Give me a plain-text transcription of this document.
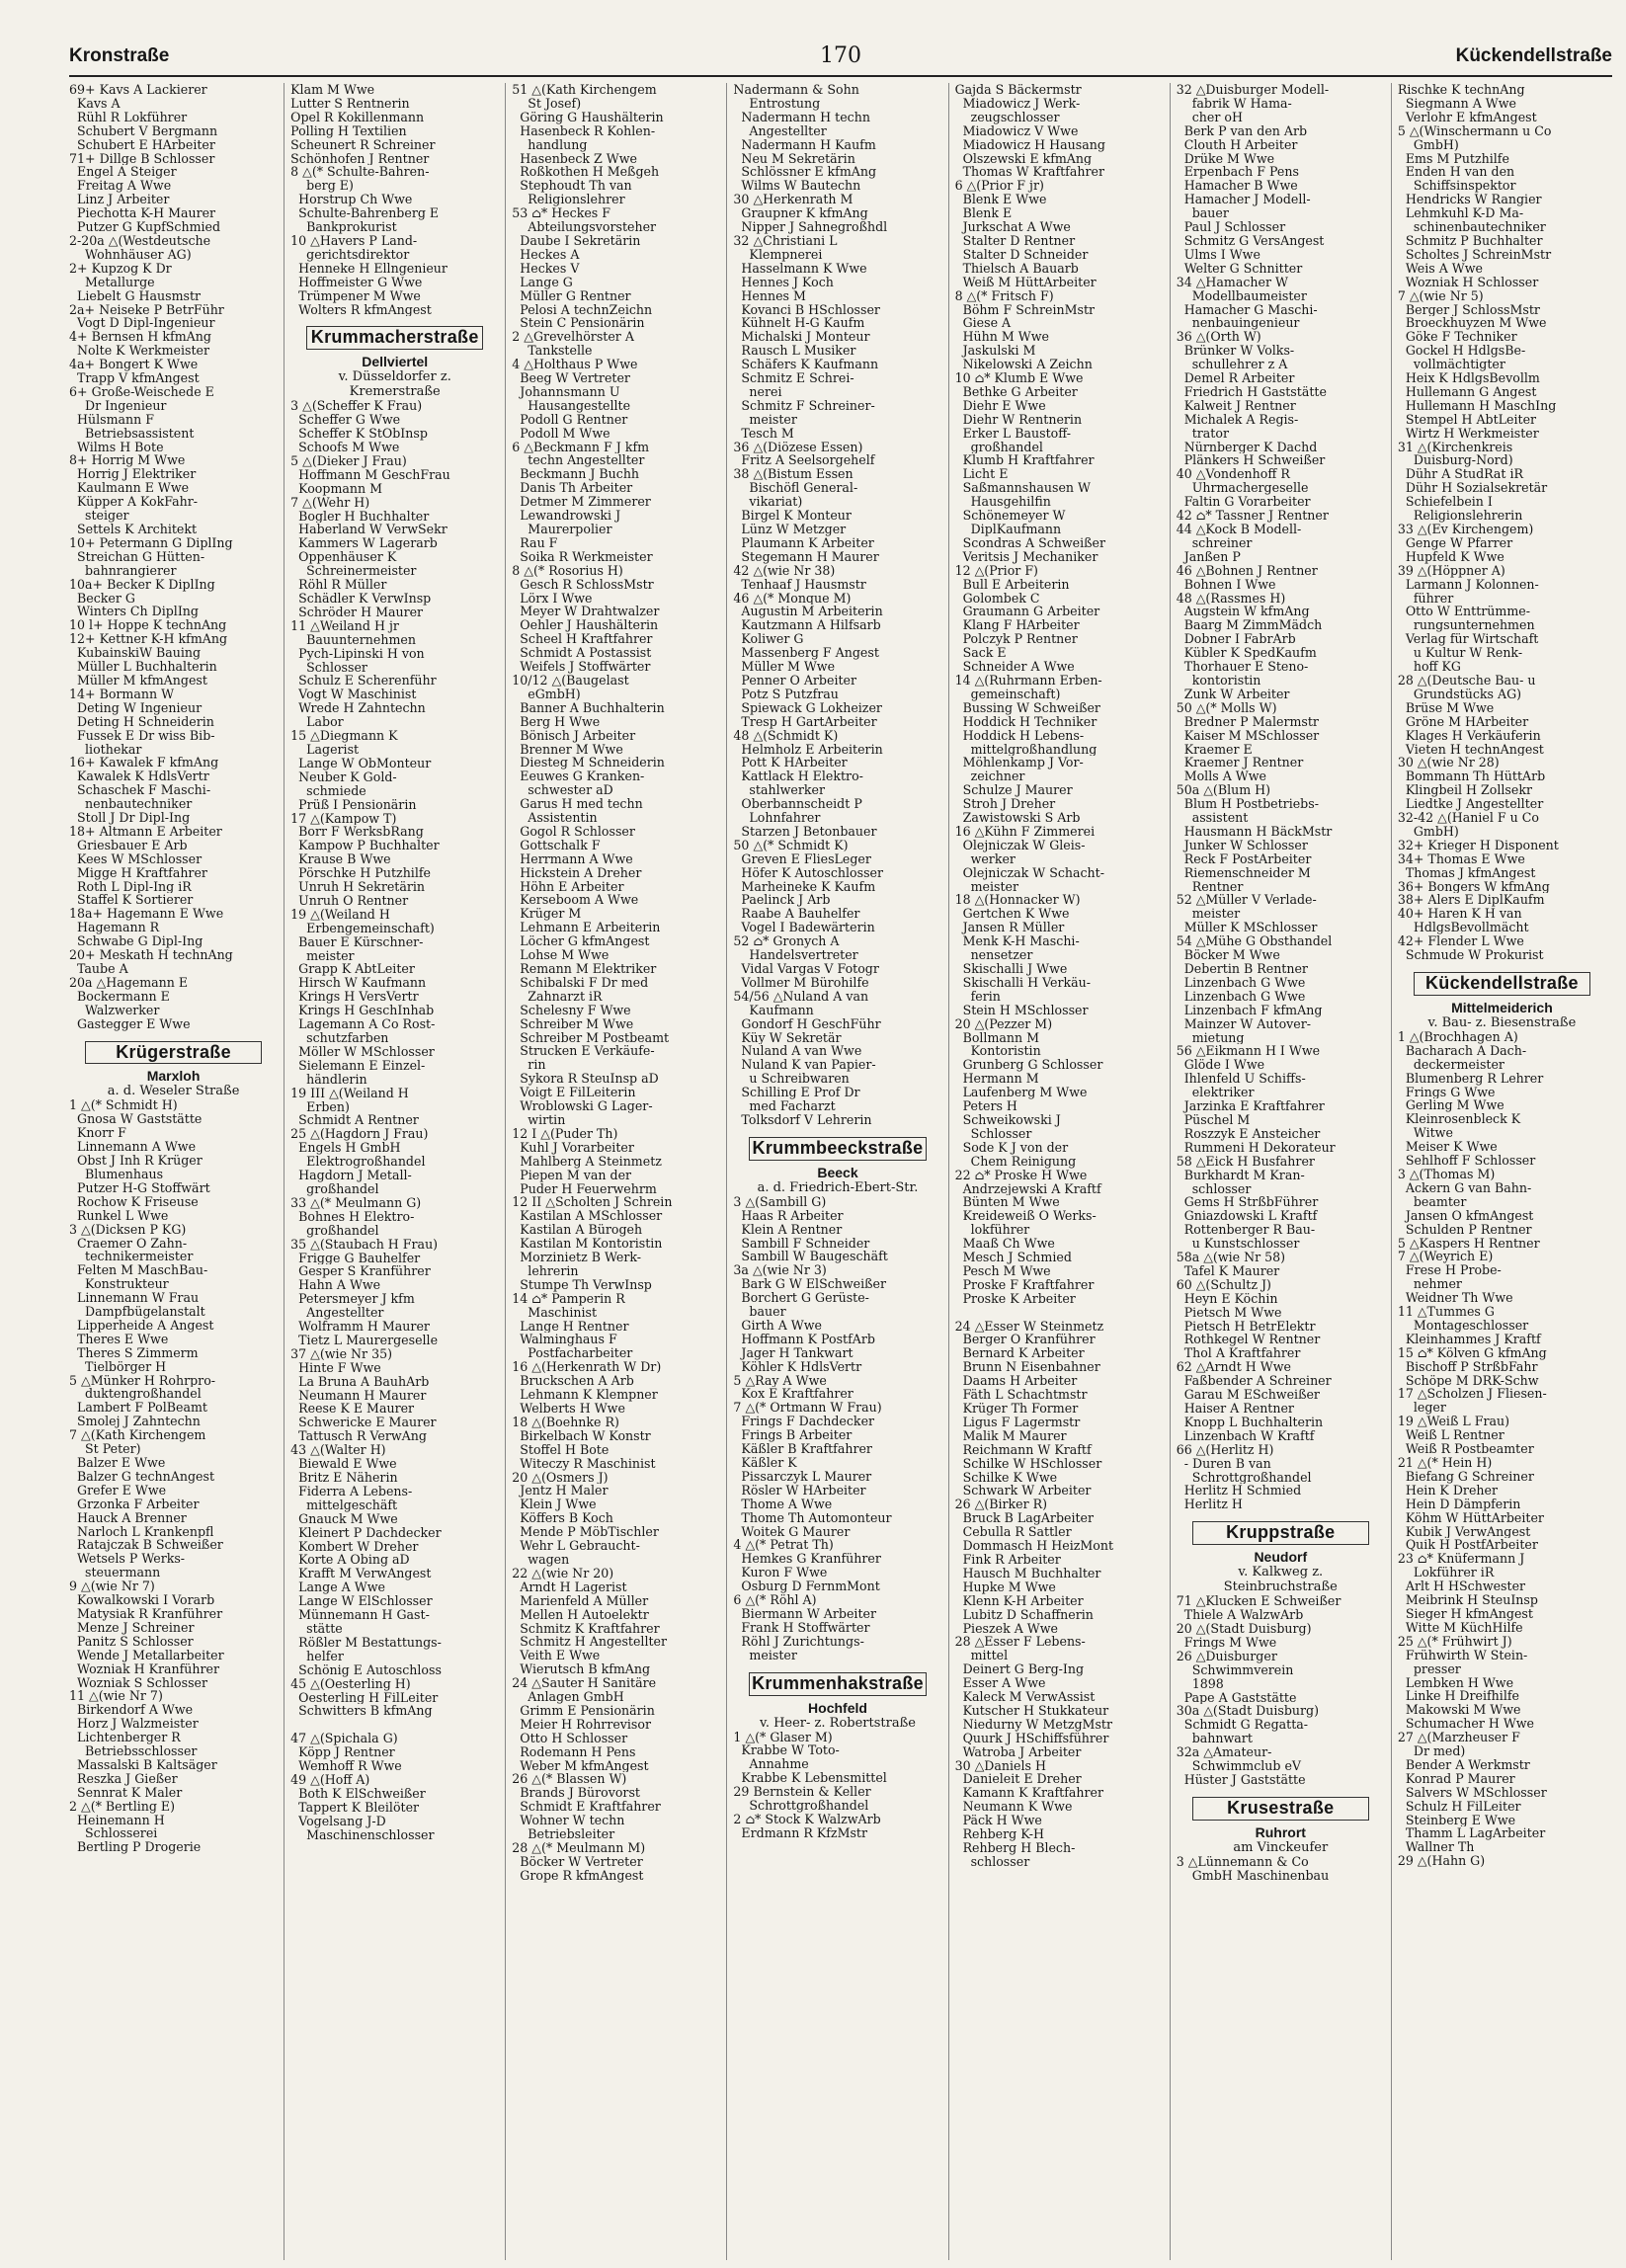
Kronstraße	170	Kückendellstraße
69+ Kavs A Lackierer
Kavs A
Rühl R Lokführer
Schubert V Bergmann
Schubert E HArbeiter
71+ Dillge B Schlosser
Engel A Steiger
Freitag A Wwe
Linz J Arbeiter
Piechotta K-H Maurer
Putzer G KupfSchmied
2-20a △(Westdeutsche
Wohnhäuser AG)
2+ Kupzog K Dr
Metallurge
Liebelt G Hausmstr
2a+ Neiseke P BetrFühr
Vogt D Dipl-Ingenieur
4+ Bernsen H kfmAng
Nolte K Werkmeister
4a+ Bongert K Wwe
Trapp V kfmAngest
6+ Große-Weischede E
Dr Ingenieur
Hülsmann F
Betriebsassistent
Wilms H Bote
8+ Horrig M Wwe
Horrig J Elektriker
Kaulmann E Wwe
Küpper A KokFahr-
steiger
Settels K Architekt
10+ Petermann G DiplIng
Streichan G Hütten-
bahnrangierer
10a+ Becker K DiplIng
Becker G
Winters Ch DiplIng
10 l+ Hoppe K technAng
12+ Kettner K-H kfmAng
KubainskiW Bauing
Müller L Buchhalterin
Müller M kfmAngest
14+ Bormann W
Deting W Ingenieur
Deting H Schneiderin
Fussek E Dr wiss Bib-
liothekar
16+ Kawalek F kfmAng
Kawalek K HdlsVertr
Schaschek F Maschi-
nenbautechniker
Stoll J Dr Dipl-Ing
18+ Altmann E Arbeiter
Griesbauer E Arb
Kees W MSchlosser
Migge H Kraftfahrer
Roth L Dipl-Ing iR
Staffel K Sortierer
18a+ Hagemann E Wwe
Hagemann R
Schwabe G Dipl-Ing
20+ Meskath H technAng
Taube A
20a △Hagemann E
Bockermann E
Walzwerker
Gastegger E Wwe
Krügerstraße
Marxloh
a. d. Weseler Straße
1 △(* Schmidt H)
Gnosa W Gaststätte
Knorr F
Linnemann A Wwe
Obst J Inh R Krüger
Blumenhaus
Putzer H-G Stoffwärt
Rochow K Friseuse
Runkel L Wwe
3 △(Dicksen P KG)
Craemer O Zahn-
technikermeister
Felten M MaschBau-
Konstrukteur
Linnemann W Frau
Dampfbügelanstalt
Lipperheide A Angest
Theres E Wwe
Theres S Zimmerm
Tielbörger H
5 △Münker H Rohrpro-
duktengroßhandel
Lambert F PolBeamt
Smolej J Zahntechn
7 △(Kath Kirchengem
St Peter)
Balzer E Wwe
Balzer G technAngest
Grefer E Wwe
Grzonka F Arbeiter
Hauck A Brenner
Narloch L Krankenpfl
Ratajczak B Schweißer
Wetsels P Werks-
steuermann
9 △(wie Nr 7)
Kowalkowski I Vorarb
Matysiak R Kranführer
Menze J Schreiner
Panitz S Schlosser
Wende J Metallarbeiter
Wozniak H Kranführer
Wozniak S Schlosser
11 △(wie Nr 7)
Birkendorf A Wwe
Horz J Walzmeister
Lichtenberger R
Betriebsschlosser
Massalski B Kaltsäger
Reszka J Gießer
Sennrat K Maler
2 △(* Bertling E)
Heinemann H
Schlosserei
Bertling P Drogerie
Klam M Wwe
Lutter S Rentnerin
Opel R Kokillenmann
Polling H Textilien
Scheunert R Schreiner
Schönhofen J Rentner
8 △(* Schulte-Bahren-
berg E)
Horstrup Ch Wwe
Schulte-Bahrenberg E
Bankprokurist
10 △Havers P Land-
gerichtsdirektor
Henneke H Ellngenieur
Hoffmeister G Wwe
Trümpener M Wwe
Wolters R kfmAngest
Krummacherstraße
Dellviertel
v. Düsseldorfer z.
Kremerstraße
3 △(Scheffer K Frau)
Scheffer G Wwe
Scheffer K StObInsp
Schoofs M Wwe
5 △(Dieker J Frau)
Hoffmann M GeschFrau
Koopmann M
7 △(Wehr H)
Bogler H Buchhalter
Haberland W VerwSekr
Kammers W Lagerarb
Oppenhäuser K
Schreinermeister
Röhl R Müller
Schädler K VerwInsp
Schröder H Maurer
11 △Weiland H jr
Bauunternehmen
Pych-Lipinski H von
Schlosser
Schulz E Scherenführ
Vogt W Maschinist
Wrede H Zahntechn
Labor
15 △Diegmann K
Lagerist
Lange W ObMonteur
Neuber K Gold-
schmiede
Prüß I Pensionärin
17 △(Kampow T)
Borr F WerksbRang
Kampow P Buchhalter
Krause B Wwe
Pörschke H Putzhilfe
Unruh H Sekretärin
Unruh O Rentner
19 △(Weiland H
Erbengemeinschaft)
Bauer E Kürschner-
meister
Grapp K AbtLeiter
Hirsch W Kaufmann
Krings H VersVertr
Krings H GeschInhab
Lagemann A Co Rost-
schutzfarben
Möller W MSchlosser
Sielemann E Einzel-
händlerin
19 III △(Weiland H
Erben)
Schmidt A Rentner
25 △(Hagdorn J Frau)
Engels H GmbH
Elektrogroßhandel
Hagdorn J Metall-
großhandel
33 △(* Meulmann G)
Bohnes H Elektro-
großhandel
35 △(Staubach H Frau)
Frigge G Bauhelfer
Gesper S Kranführer
Hahn A Wwe
Petersmeyer J kfm
Angestellter
Wolframm H Maurer
Tietz L Maurergeselle
37 △(wie Nr 35)
Hinte F Wwe
La Bruna A BauhArb
Neumann H Maurer
Reese K E Maurer
Schwericke E Maurer
Tattusch R VerwAng
43 △(Walter H)
Biewald E Wwe
Britz E Näherin
Fiderra A Lebens-
mittelgeschäft
Gnauck M Wwe
Kleinert P Dachdecker
Kombert W Dreher
Korte A Obing aD
Krafft M VerwAngest
Lange A Wwe
Lange W ElSchlosser
Münnemann H Gast-
stätte
Rößler M Bestattungs-
helfer
Schönig E Autoschloss
45 △(Oesterling H)
Oesterling H FilLeiter
Schwitters B kfmAng

47 △(Spichala G)
Köpp J Rentner
Wemhoff R Wwe
49 △(Hoff A)
Both K ElSchweißer
Tappert K Bleilöter
Vogelsang J-D
Maschinenschlosser
51 △(Kath Kirchengem
St Josef)
Göring G Haushälterin
Hasenbeck R Kohlen-
handlung
Hasenbeck Z Wwe
Roßkothen H Meßgeh
Stephoudt Th van
Religionslehrer
53 ⌂* Heckes F
Abteilungsvorsteher
Daube I Sekretärin
Heckes A
Heckes V
Lange G
Müller G Rentner
Pelosi A technZeichn
Stein C Pensionärin
2 △Grevelhörster A
Tankstelle
4 △Holthaus P Wwe
Beeg W Vertreter
Johannsmann U
Hausangestellte
Podoll G Rentner
Podoll M Wwe
6 △Beckmann F J kfm
techn Angestellter
Beckmann J Buchh
Danis Th Arbeiter
Detmer M Zimmerer
Lewandrowski J
Maurerpolier
Rau F
Soika R Werkmeister
8 △(* Rosorius H)
Gesch R SchlossMstr
Lörx I Wwe
Meyer W Drahtwalzer
Oehler J Haushälterin
Scheel H Kraftfahrer
Schmidt A Postassist
Weifels J Stoffwärter
10/12 △(Baugelast
eGmbH)
Banner A Buchhalterin
Berg H Wwe
Bönisch J Arbeiter
Brenner M Wwe
Diesteg M Schneiderin
Eeuwes G Kranken-
schwester aD
Garus H med techn
Assistentin
Gogol R Schlosser
Gottschalk F
Herrmann A Wwe
Hickstein A Dreher
Höhn E Arbeiter
Kerseboom A Wwe
Krüger M
Lehmann E Arbeiterin
Löcher G kfmAngest
Lohse M Wwe
Remann M Elektriker
Schibalski F Dr med
Zahnarzt iR
Schelesny F Wwe
Schreiber M Wwe
Schreiber M Postbeamt
Strucken E Verkäufe-
rin
Sykora R SteuInsp aD
Voigt E FilLeiterin
Wroblowski G Lager-
wirtin
12 I △(Puder Th)
Kuhl J Vorarbeiter
Mahlberg A Steinmetz
Piepen M van der
Puder H Feuerwehrm
12 II △Scholten J Schrein
Kastilan A MSchlosser
Kastilan A Bürogeh
Kastilan M Kontoristin
Morzinietz B Werk-
lehrerin
Stumpe Th VerwInsp
14 ⌂* Pamperin R
Maschinist
Lange H Rentner
Walminghaus F
Postfacharbeiter
16 △(Herkenrath W Dr)
Bruckschen A Arb
Lehmann K Klempner
Welberts H Wwe
18 △(Boehnke R)
Birkelbach W Konstr
Stoffel H Bote
Witeczy R Maschinist
20 △(Osmers J)
Jentz H Maler
Klein J Wwe
Köffers B Koch
Mende P MöbTischler
Wehr L Gebraucht-
wagen
22 △(wie Nr 20)
Arndt H Lagerist
Marienfeld A Müller
Mellen H Autoelektr
Schmitz K Kraftfahrer
Schmitz H Angestellter
Veith E Wwe
Wierutsch B kfmAng
24 △Sauter H Sanitäre
Anlagen GmbH
Grimm E Pensionärin
Meier H Rohrrevisor
Otto H Schlosser
Rodemann H Pens
Weber M kfmAngest
26 △(* Blassen W)
Brands J Bürovorst
Schmidt E Kraftfahrer
Wohner W techn
Betriebsleiter
28 △(* Meulmann M)
Böcker W Vertreter
Grope R kfmAngest
Nadermann & Sohn
Entrostung
Nadermann H techn
Angestellter
Nadermann H Kaufm
Neu M Sekretärin
Schlössner E kfmAng
Wilms W Bautechn
30 △Herkenrath M
Graupner K kfmAng
Nipper J Sahnegroßhdl
32 △Christiani L
Klempnerei
Hasselmann K Wwe
Hennes J Koch
Hennes M
Kovanci B HSchlosser
Kühnelt H-G Kaufm
Michalski J Monteur
Rausch L Musiker
Schäfers K Kaufmann
Schmitz E Schrei-
nerei
Schmitz F Schreiner-
meister
Tesch M
36 △(Diözese Essen)
Fritz A Seelsorgehelf
38 △(Bistum Essen
Bischöfl General-
vikariat)
Birgel K Monteur
Lünz W Metzger
Plaumann K Arbeiter
Stegemann H Maurer
42 △(wie Nr 38)
Tenhaaf J Hausmstr
46 △(* Monque M)
Augustin M Arbeiterin
Kautzmann A Hilfsarb
Koliwer G
Massenberg F Angest
Müller M Wwe
Penner O Arbeiter
Potz S Putzfrau
Spiewack G Lokheizer
Tresp H GartArbeiter
48 △(Schmidt K)
Helmholz E Arbeiterin
Pott K HArbeiter
Kattlack H Elektro-
stahlwerker
Oberbannscheidt P
Lohnfahrer
Starzen J Betonbauer
50 △(* Schmidt K)
Greven E FliesLeger
Höfer K Autoschlosser
Marheineke K Kaufm
Paelinck J Arb
Raabe A Bauhelfer
Vogel I Badewärterin
52 ⌂* Gronych A
Handelsvertreter
Vidal Vargas V Fotogr
Vollmer M Bürohilfe
54/56 △Nuland A van
Kaufmann
Gondorf H GeschFühr
Küy W Sekretär
Nuland A van Wwe
Nuland K van Papier-
u Schreibwaren
Schilling E Prof Dr
med Facharzt
Tolksdorf V Lehrerin
Krummbeeckstraße
Beeck
a. d. Friedrich-Ebert-Str.
3 △(Sambill G)
Haas R Arbeiter
Klein A Rentner
Sambill F Schneider
Sambill W Baugeschäft
3a △(wie Nr 3)
Bark G W ElSchweißer
Borchert G Gerüste-
bauer
Girth A Wwe
Hoffmann K PostfArb
Jager H Tankwart
Köhler K HdlsVertr
5 △Ray A Wwe
Kox E Kraftfahrer
7 △(* Ortmann W Frau)
Frings F Dachdecker
Frings B Arbeiter
Käßler B Kraftfahrer
Käßler K
Pissarczyk L Maurer
Rösler W HArbeiter
Thome A Wwe
Thome Th Automonteur
Woitek G Maurer
4 △(* Petrat Th)
Hemkes G Kranführer
Kuron F Wwe
Osburg D FernmMont
6 △(* Röhl A)
Biermann W Arbeiter
Frank H Stoffwärter
Röhl J Zurichtungs-
meister
Krummenhakstraße
Hochfeld
v. Heer- z. Robertstraße
1 △(* Glaser M)
Krabbe W Toto-
Annahme
Krabbe K Lebensmittel
29 Bernstein & Keller
Schrottgroßhandel
2 ⌂* Stock K WalzwArb
Erdmann R KfzMstr
Gajda S Bäckermstr
Miadowicz J Werk-
zeugschlosser
Miadowicz V Wwe
Miadowicz H Hausang
Olszewski E kfmAng
Thomas W Kraftfahrer
6 △(Prior F jr)
Blenk E Wwe
Blenk E
Jurkschat A Wwe
Stalter D Rentner
Stalter D Schneider
Thielsch A Bauarb
Weiß M HüttArbeiter
8 △(* Fritsch F)
Böhm F SchreinMstr
Giese A
Hühn M Wwe
Jaskulski M
Nikelowski A Zeichn
10 ⌂* Klumb E Wwe
Bethke G Arbeiter
Diehr E Wwe
Diehr W Rentnerin
Erker L Baustoff-
großhandel
Klumb H Kraftfahrer
Licht E
Saßmannshausen W
Hausgehilfin
Schönemeyer W
DiplKaufmann
Scondras A Schweißer
Veritsis J Mechaniker
12 △(Prior F)
Bull E Arbeiterin
Golombek C
Graumann G Arbeiter
Klang F HArbeiter
Polczyk P Rentner
Sack E
Schneider A Wwe
14 △(Ruhrmann Erben-
gemeinschaft)
Bussing W Schweißer
Hoddick H Techniker
Hoddick H Lebens-
mittelgroßhandlung
Möhlenkamp J Vor-
zeichner
Schulze J Maurer
Stroh J Dreher
Zawistowski S Arb
16 △Kühn F Zimmerei
Olejniczak W Gleis-
werker
Olejniczak W Schacht-
meister
18 △(Honnacker W)
Gertchen K Wwe
Jansen R Müller
Menk K-H Maschi-
nensetzer
Skischalli J Wwe
Skischalli H Verkäu-
ferin
Stein H MSchlosser
20 △(Pezzer M)
Bollmann M
Kontoristin
Grunberg G Schlosser
Hermann M
Laufenberg M Wwe
Peters H
Schweikowski J
Schlosser
Sode K J von der
Chem Reinigung
22 ⌂* Proske H Wwe
Andrzejewski A Kraftf
Bünten M Wwe
Kreideweiß O Werks-
lokführer
Maaß Ch Wwe
Mesch J Schmied
Pesch M Wwe
Proske F Kraftfahrer
Proske K Arbeiter

24 △Esser W Steinmetz
Berger O Kranführer
Bernard K Arbeiter
Brunn N Eisenbahner
Daams H Arbeiter
Fäth L Schachtmstr
Krüger Th Former
Ligus F Lagermstr
Malik M Maurer
Reichmann W Kraftf
Schilke W HSchlosser
Schilke K Wwe
Schwark W Arbeiter
26 △(Birker R)
Bruck B LagArbeiter
Cebulla R Sattler
Dommasch H HeizMont
Fink R Arbeiter
Hausch M Buchhalter
Hupke M Wwe
Klenn K-H Arbeiter
Lubitz D Schaffnerin
Pieszek A Wwe
28 △Esser F Lebens-
mittel
Deinert G Berg-Ing
Esser A Wwe
Kaleck M VerwAssist
Kutscher H Stukkateur
Niedurny W MetzgMstr
Quurk J HSchiffsführer
Watroba J Arbeiter
30 △Daniels H
Danieleit E Dreher
Kamann K Kraftfahrer
Neumann K Wwe
Päck H Wwe
Rehberg K-H
Rehberg H Blech-
schlosser
32 △Duisburger Modell-
fabrik W Hama-
cher oH
Berk P van den Arb
Clouth H Arbeiter
Drüke M Wwe
Erpenbach F Pens
Hamacher B Wwe
Hamacher J Modell-
bauer
Paul J Schlosser
Schmitz G VersAngest
Ulms I Wwe
Welter G Schnitter
34 △Hamacher W
Modellbaumeister
Hamacher G Maschi-
nenbauingenieur
36 △(Orth W)
Brünker W Volks-
schullehrer z A
Demel R Arbeiter
Friedrich H Gaststätte
Kalweit J Rentner
Michalek A Regis-
trator
Nürnberger K Dachd
Plänkers H Schweißer
40 △Vondenhoff R
Uhrmachergeselle
Faltin G Vorarbeiter
42 ⌂* Tassner J Rentner
44 △Kock B Modell-
schreiner
Janßen P
46 △Bohnen J Rentner
Bohnen I Wwe
48 △(Rassmes H)
Augstein W kfmAng
Baarg M ZimmMädch
Dobner I FabrArb
Kübler K SpedKaufm
Thorhauer E Steno-
kontoristin
Zunk W Arbeiter
50 △(* Molls W)
Bredner P Malermstr
Kaiser M MSchlosser
Kraemer E
Kraemer J Rentner
Molls A Wwe
50a △(Blum H)
Blum H Postbetriebs-
assistent
Hausmann H BäckMstr
Junker W Schlosser
Reck F PostArbeiter
Riemenschneider M
Rentner
52 △Müller V Verlade-
meister
Müller K MSchlosser
54 △Mühe G Obsthandel
Böcker M Wwe
Debertin B Rentner
Linzenbach G Wwe
Linzenbach G Wwe
Linzenbach F kfmAng
Mainzer W Autover-
mietung
56 △Eikmann H I Wwe
Glöde I Wwe
Ihlenfeld U Schiffs-
elektriker
Jarzinka E Kraftfahrer
Püschel M
Roszzyk E Ansteicher
Rummeni H Dekorateur
58 △Eick H Busfahrer
Burkhardt M Kran-
schlosser
Gems H StrßbFührer
Gniazdowski L Kraftf
Rottenberger R Bau-
u Kunstschlosser
58a △(wie Nr 58)
Tafel K Maurer
60 △(Schultz J)
Heyn E Köchin
Pietsch M Wwe
Pietsch H BetrElektr
Rothkegel W Rentner
Thol A Kraftfahrer
62 △Arndt H Wwe
Faßbender A Schreiner
Garau M ESchweißer
Haiser A Rentner
Knopp L Buchhalterin
Linzenbach W Kraftf
66 △(Herlitz H)
- Duren B van
Schrottgroßhandel
Herlitz H Schmied
Herlitz H
Kruppstraße
Neudorf
v. Kalkweg z.
Steinbruchstraße
71 △Klucken E Schweißer
Thiele A WalzwArb
20 △(Stadt Duisburg)
Frings M Wwe
26 △Duisburger
Schwimmverein
1898
Pape A Gaststätte
30a △(Stadt Duisburg)
Schmidt G Regatta-
bahnwart
32a △Amateur-
Schwimmclub eV
Hüster J Gaststätte
Krusestraße
Ruhrort
am Vinckeufer
3 △Lünnemann & Co
GmbH Maschinenbau
Rischke K technAng
Siegmann A Wwe
Verlohr E kfmAngest
5 △(Winschermann u Co
GmbH)
Ems M Putzhilfe
Enden H van den
Schiffsinspektor
Hendricks W Rangier
Lehmkuhl K-D Ma-
schinenbautechniker
Schmitz P Buchhalter
Scholtes J SchreinMstr
Weis A Wwe
Wozniak H Schlosser
7 △(wie Nr 5)
Berger J SchlossMstr
Broeckhuyzen M Wwe
Göke F Techniker
Gockel H HdlgsBe-
vollmächtigter
Heix K HdlgsBevollm
Hullemann G Angest
Hullemann H MaschIng
Stempel H AbtLeiter
Wirtz H Werkmeister
31 △(Kirchenkreis
Duisburg-Nord)
Dühr A StudRat iR
Dühr H Sozialsekretär
Schiefelbein I
Religionslehrerin
33 △(Ev Kirchengem)
Genge W Pfarrer
Hupfeld K Wwe
39 △(Höppner A)
Larmann J Kolonnen-
führer
Otto W Enttrümme-
rungsunternehmen
Verlag für Wirtschaft
u Kultur W Renk-
hoff KG
28 △(Deutsche Bau- u
Grundstücks AG)
Brüse M Wwe
Gröne M HArbeiter
Klages H Verkäuferin
Vieten H technAngest
30 △(wie Nr 28)
Bommann Th HüttArb
Klingbeil H Zollsekr
Liedtke J Angestellter
32-42 △(Haniel F u Co
GmbH)
32+ Krieger H Disponent
34+ Thomas E Wwe
Thomas J kfmAngest
36+ Bongers W kfmAng
38+ Alers E DiplKaufm
40+ Haren K H van
HdlgsBevollmächt
42+ Flender L Wwe
Schmude W Prokurist
Kückendellstraße
Mittelmeiderich
v. Bau- z. Biesenstraße
1 △(Brochhagen A)
Bacharach A Dach-
deckermeister
Blumenberg R Lehrer
Frings G Wwe
Gerling M Wwe
Kleinrosenbleck K
Witwe
Meiser K Wwe
Sehlhoff F Schlosser
3 △(Thomas M)
Ackern G van Bahn-
beamter
Jansen O kfmAngest
Schulden P Rentner
5 △Kaspers H Rentner
7 △(Weyrich E)
Frese H Probe-
nehmer
Weidner Th Wwe
11 △Tummes G
Montageschlosser
Kleinhammes J Kraftf
15 ⌂* Kölven G kfmAng
Bischoff P StrßbFahr
Schöpe M DRK-Schw
17 △Scholzen J Fliesen-
leger
19 △Weiß L Frau)
Weiß L Rentner
Weiß R Postbeamter
21 △(* Hein H)
Biefang G Schreiner
Hein K Dreher
Hein D Dämpferin
Köhm W HüttArbeiter
Kubik J VerwAngest
Quik H PostfArbeiter
23 ⌂* Knüfermann J
Lokführer iR
Arlt H HSchwester
Meibrink H SteuInsp
Sieger H kfmAngest
Witte M KüchHilfe
25 △(* Frühwirt J)
Frühwirth W Stein-
presser
Lembken H Wwe
Linke H Dreifhilfe
Makowski M Wwe
Schumacher H Wwe
27 △(Marzheuser F
Dr med)
Bender A Werkmstr
Konrad P Maurer
Salvers W MSchlosser
Schulz H FilLeiter
Steinberg E Wwe
Thamm L LagArbeiter
Wallner Th
29 △(Hahn G)
